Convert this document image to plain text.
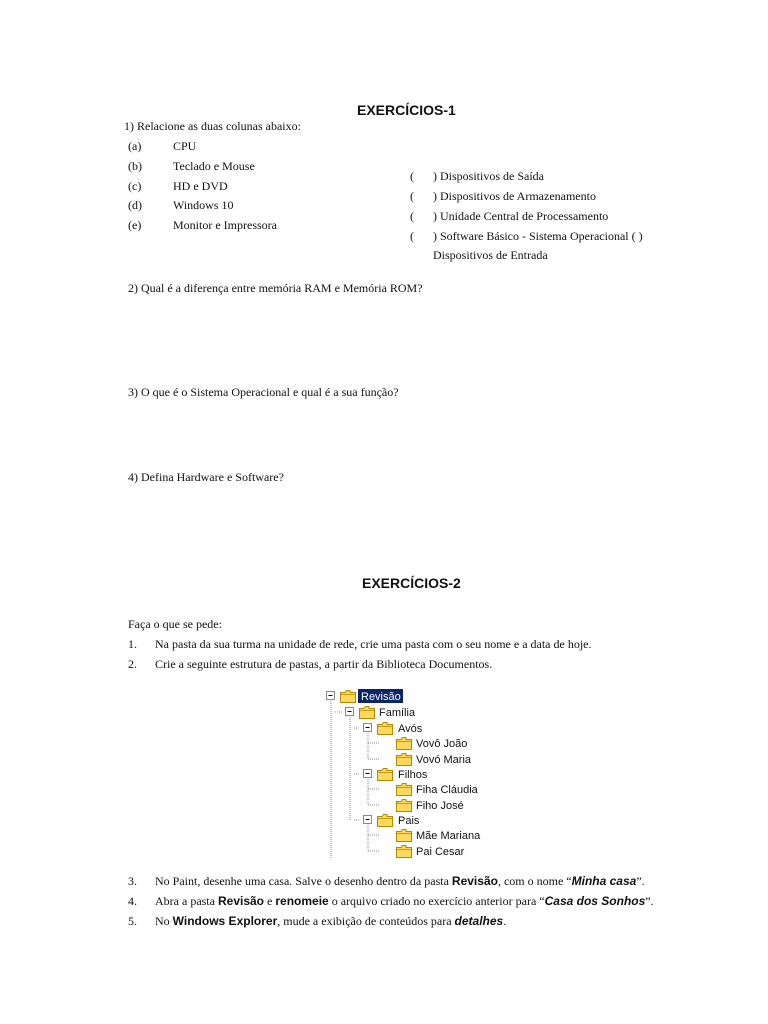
EXERCÍCIOS-1
1) Relacione as duas colunas abaixo:
(a)	CPU
(b)	Teclado e Mouse
(c)	HD e DVD
(d)	Windows 10
(e)	Monitor e Impressora
( ) Dispositivos de Saída
( ) Dispositivos de Armazenamento
( ) Unidade Central de Processamento
( ) Software Básico - Sistema Operacional ( )
Dispositivos de Entrada
2) Qual é a diferença entre memória RAM e Memória ROM?
3) O que é o Sistema Operacional e qual é a sua função?
4) Defina Hardware e Software?
EXERCÍCIOS-2
Faça o que se pede:
1. Na pasta da sua turma na unidade de rede, crie uma pasta com o seu nome e a data de hoje.
2. Crie a seguinte estrutura de pastas, a partir da Biblioteca Documentos.
Revisão
Família
Avós
Vovô João
Vovó Maria
Filhos
Fiha Cláudia
Fiho José
Pais
Mãe Mariana
Pai Cesar
3. No Paint, desenhe uma casa. Salve o desenho dentro da pasta Revisão, com o nome “Minha casa”.
4. Abra a pasta Revisão e renomeie o arquivo criado no exercício anterior para “Casa dos Sonhos”.
5. No Windows Explorer, mude a exibição de conteúdos para detalhes.
